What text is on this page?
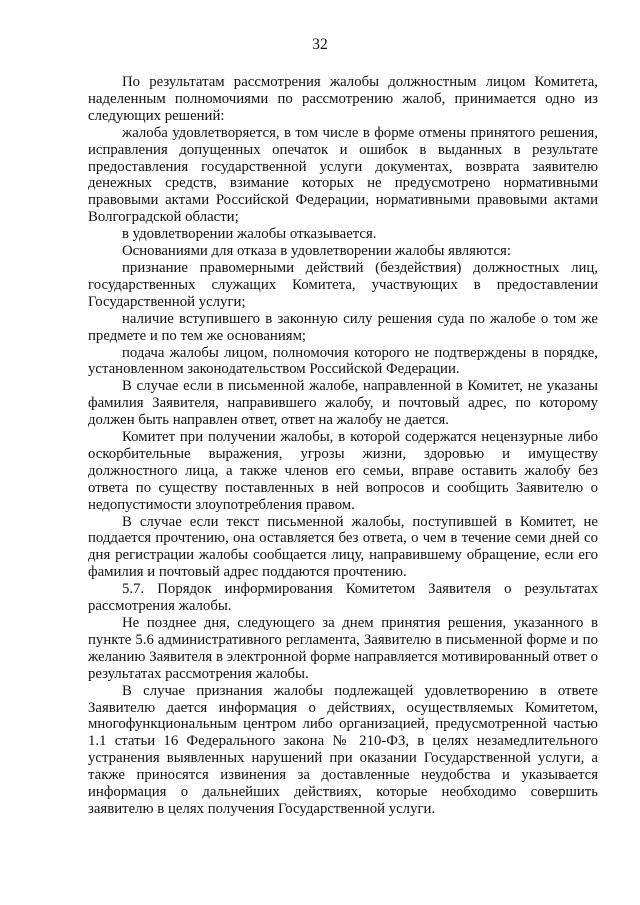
32

По результатам рассмотрения жалобы должностным лицом Комитета, наделенным полномочиями по рассмотрению жалоб, принимается одно из следующих решений:

жалоба удовлетворяется, в том числе в форме отмены принятого решения, исправления допущенных опечаток и ошибок в выданных в результате предоставления государственной услуги документах, возврата заявителю денежных средств, взимание которых не предусмотрено нормативными правовыми актами Российской Федерации, нормативными правовыми актами Волгоградской области;

в удовлетворении жалобы отказывается.

Основаниями для отказа в удовлетворении жалобы являются:

признание правомерными действий (бездействия) должностных лиц, государственных служащих Комитета, участвующих в предоставлении Государственной услуги;

наличие вступившего в законную силу решения суда по жалобе о том же предмете и по тем же основаниям;

подача жалобы лицом, полномочия которого не подтверждены в порядке, установленном законодательством Российской Федерации.

В случае если в письменной жалобе, направленной в Комитет, не указаны фамилия Заявителя, направившего жалобу, и почтовый адрес, по которому должен быть направлен ответ, ответ на жалобу не дается.

Комитет при получении жалобы, в которой содержатся нецензурные либо оскорбительные выражения, угрозы жизни, здоровью и имуществу должностного лица, а также членов его семьи, вправе оставить жалобу без ответа по существу поставленных в ней вопросов и сообщить Заявителю о недопустимости злоупотребления правом.

В случае если текст письменной жалобы, поступившей в Комитет, не поддается прочтению, она оставляется без ответа, о чем в течение семи дней со дня регистрации жалобы сообщается лицу, направившему обращение, если его фамилия и почтовый адрес поддаются прочтению.

5.7. Порядок информирования Комитетом Заявителя о результатах рассмотрения жалобы.

Не позднее дня, следующего за днем принятия решения, указанного в пункте 5.6 административного регламента, Заявителю в письменной форме и по желанию Заявителя в электронной форме направляется мотивированный ответ о результатах рассмотрения жалобы.

В случае признания жалобы подлежащей удовлетворению в ответе Заявителю дается информация о действиях, осуществляемых Комитетом, многофункциональным центром либо организацией, предусмотренной частью 1.1 статьи 16 Федерального закона № 210-ФЗ, в целях незамедлительного устранения выявленных нарушений при оказании Государственной услуги, а также приносятся извинения за доставленные неудобства и указывается информация о дальнейших действиях, которые необходимо совершить заявителю в целях получения Государственной услуги.
